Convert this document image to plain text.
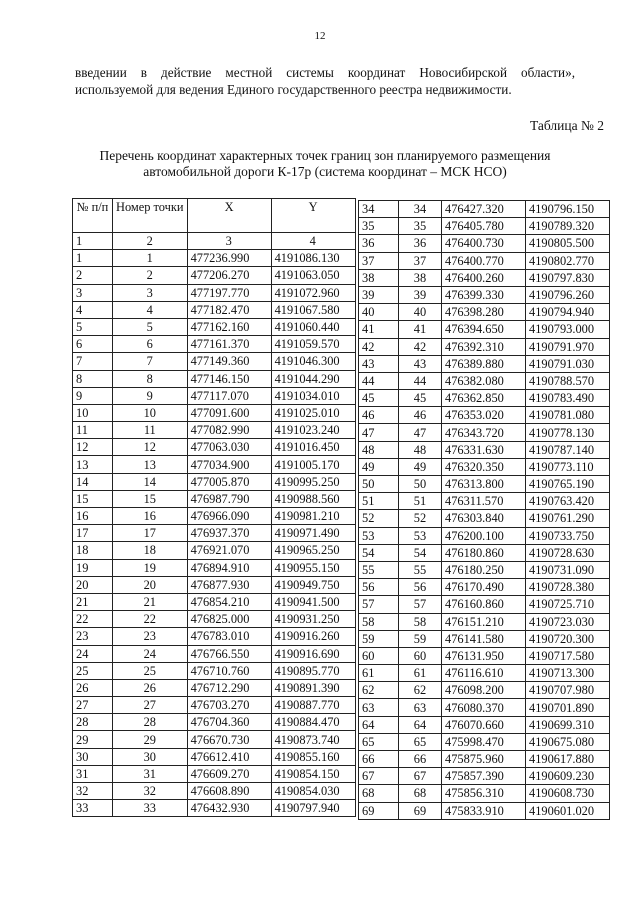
12

введении в действие местной системы координат Новосибирской области», используемой для ведения Единого государственного реестра недвижимости.

Таблица № 2
Перечень координат характерных точек границ зон планируемого размещения
автомобильной дороги К-17р (система координат – МСК НСО)
№ п/п	Номер точки	X	Y
1	2	3	4
1	1	477236.990	4191086.130
2	2	477206.270	4191063.050
3	3	477197.770	4191072.960
4	4	477182.470	4191067.580
5	5	477162.160	4191060.440
6	6	477161.370	4191059.570
7	7	477149.360	4191046.300
8	8	477146.150	4191044.290
9	9	477117.070	4191034.010
10	10	477091.600	4191025.010
11	11	477082.990	4191023.240
12	12	477063.030	4191016.450
13	13	477034.900	4191005.170
14	14	477005.870	4190995.250
15	15	476987.790	4190988.560
16	16	476966.090	4190981.210
17	17	476937.370	4190971.490
18	18	476921.070	4190965.250
19	19	476894.910	4190955.150
20	20	476877.930	4190949.750
21	21	476854.210	4190941.500
22	22	476825.000	4190931.250
23	23	476783.010	4190916.260
24	24	476766.550	4190916.690
25	25	476710.760	4190895.770
26	26	476712.290	4190891.390
27	27	476703.270	4190887.770
28	28	476704.360	4190884.470
29	29	476670.730	4190873.740
30	30	476612.410	4190855.160
31	31	476609.270	4190854.150
32	32	476608.890	4190854.030
33	33	476432.930	4190797.940
34	34	476427.320	4190796.150
35	35	476405.780	4190789.320
36	36	476400.730	4190805.500
37	37	476400.770	4190802.770
38	38	476400.260	4190797.830
39	39	476399.330	4190796.260
40	40	476398.280	4190794.940
41	41	476394.650	4190793.000
42	42	476392.310	4190791.970
43	43	476389.880	4190791.030
44	44	476382.080	4190788.570
45	45	476362.850	4190783.490
46	46	476353.020	4190781.080
47	47	476343.720	4190778.130
48	48	476331.630	4190787.140
49	49	476320.350	4190773.110
50	50	476313.800	4190765.190
51	51	476311.570	4190763.420
52	52	476303.840	4190761.290
53	53	476200.100	4190733.750
54	54	476180.860	4190728.630
55	55	476180.250	4190731.090
56	56	476170.490	4190728.380
57	57	476160.860	4190725.710
58	58	476151.210	4190723.030
59	59	476141.580	4190720.300
60	60	476131.950	4190717.580
61	61	476116.610	4190713.300
62	62	476098.200	4190707.980
63	63	476080.370	4190701.890
64	64	476070.660	4190699.310
65	65	475998.470	4190675.080
66	66	475875.960	4190617.880
67	67	475857.390	4190609.230
68	68	475856.310	4190608.730
69	69	475833.910	4190601.020
